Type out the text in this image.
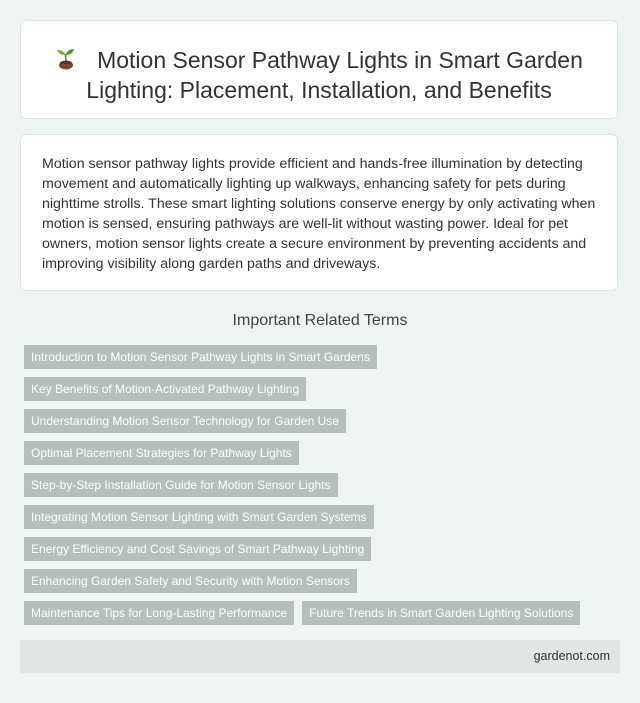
Motion Sensor Pathway Lights in Smart Garden Lighting: Placement, Installation, and Benefits
Motion sensor pathway lights provide efficient and hands-free illumination by detecting movement and automatically lighting up walkways, enhancing safety for pets during nighttime strolls. These smart lighting solutions conserve energy by only activating when motion is sensed, ensuring pathways are well-lit without wasting power. Ideal for pet owners, motion sensor lights create a secure environment by preventing accidents and improving visibility along garden paths and driveways.
Important Related Terms
Introduction to Motion Sensor Pathway Lights in Smart Gardens
Key Benefits of Motion-Activated Pathway Lighting
Understanding Motion Sensor Technology for Garden Use
Optimal Placement Strategies for Pathway Lights
Step-by-Step Installation Guide for Motion Sensor Lights
Integrating Motion Sensor Lighting with Smart Garden Systems
Energy Efficiency and Cost Savings of Smart Pathway Lighting
Enhancing Garden Safety and Security with Motion Sensors
Maintenance Tips for Long-Lasting Performance	Future Trends in Smart Garden Lighting Solutions
gardenot.com
